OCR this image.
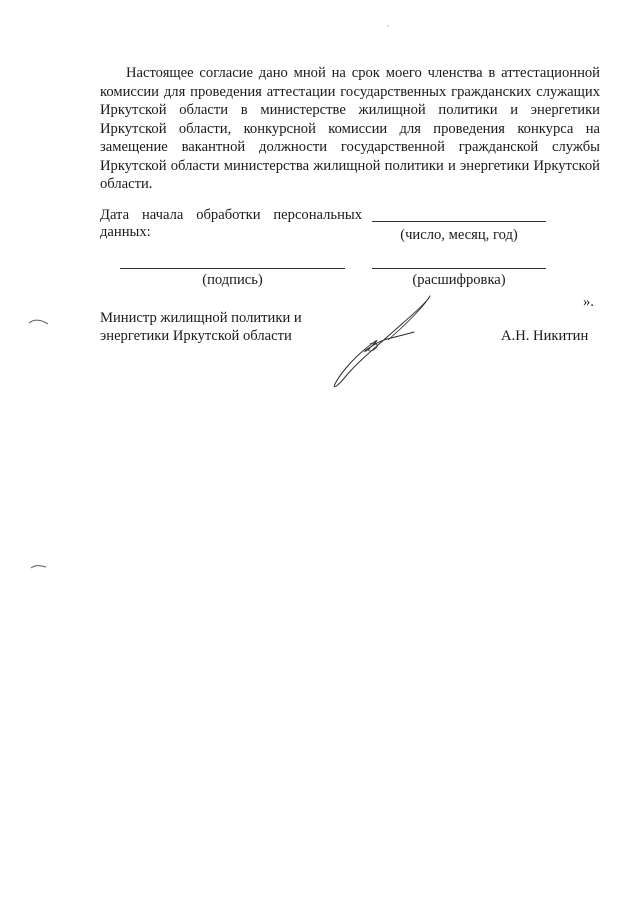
Настоящее согласие дано мной на срок моего членства в аттестационной комиссии для проведения аттестации государственных гражданских служащих Иркутской области в министерстве жилищной политики и энергетики Иркутской области, конкурсной комиссии для проведения конкурса на замещение вакантной должности государственной гражданской службы Иркутской области министерства жилищной политики и энергетики Иркутской области.

Дата начала обработки персональных данных:	(число, месяц, год)
(подпись)	(расшифровка)
».

Министр жилищной политики и энергетики Иркутской области	А.Н. Никитин
